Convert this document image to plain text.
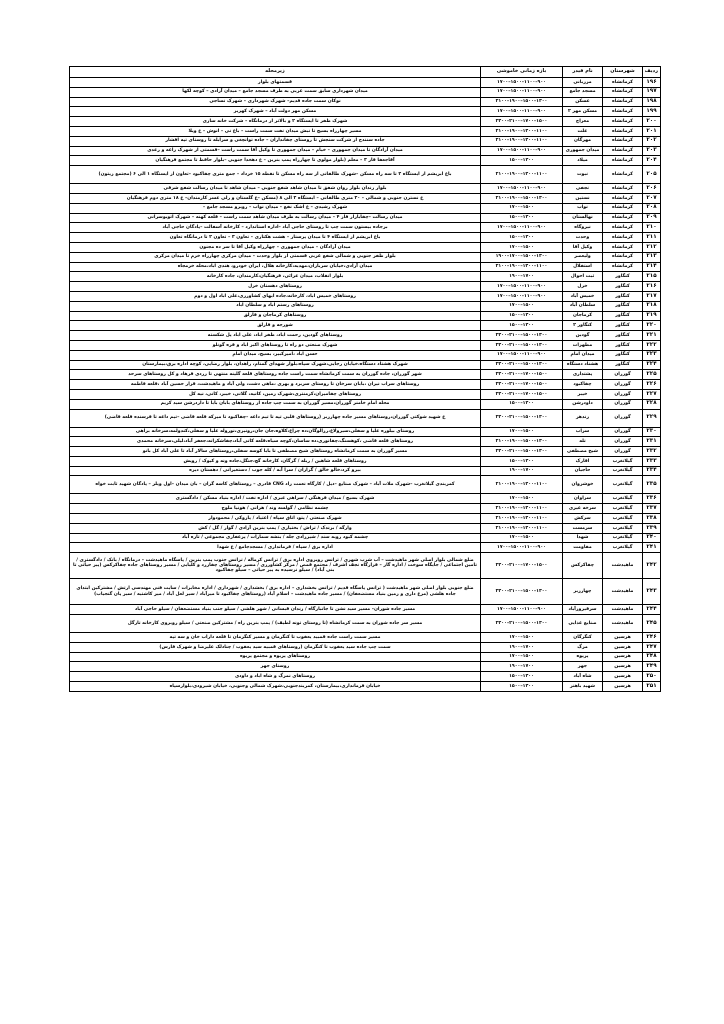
ردیف	شهرستان	نام فیدر	بازه زمانی خاموشی	زیرمحله
۱۹۶	کرمانشاه	مرزبانی	۱۷۰۰–۱۵۰۰–۱۱۰۰–۹۰۰	قسمتهای بلوار
۱۹۷	کرمانشاه	مسجد جامع	۱۷۰۰–۱۵۰۰–۱۱۰۰–۹۰۰	میدان شهرداری سابق سمت غربی به طرف مسجد جامع – میدان آزادی – کوچه لکها
۱۹۸	کرمانشاه	عسکن	۲۱۰۰–۱۹۰۰–۱۵۰۰–۱۳۰۰	نوکان سمت جاده قدیم– شهرک شهرداری – شهرک نساجی
۱۹۹	کرمانشاه	مسکن مهر ۲	۱۷۰۰–۱۵۰۰–۱۱۰۰–۹۰۰	مسکن مهر دولت آباد – شهرک کهریز
۲۰۰	کرمانشاه	معراج	۲۳۰۰–۲۱۰۰–۱۷۰۰–۱۵۰۰	شهرک ظفر تا ایستگاه ۲ و بالاتر از درمانگاه – شرکت خانه سازی
۲۰۱	کرمانشاه	علت	۲۱۰۰–۱۹۰۰–۱۳۰۰–۱۱۰۰	مسیر چهارراه بسیج تا نبش میدان نفت سمت راست – باغ نی – انوش – ع ویلا
۲۰۲	کرمانشاه	مهرگان	۲۱۰۰–۱۹۰۰–۱۳۰۰–۱۱۰۰	جاده سنندج از شرکت سنجش تا روستای چقانداران – جاده توانچغی و سرابله تا روستای تپه افشار
۲۰۳	کرمانشاه	میدان جمهوری	۱۷۰۰–۱۵۰۰–۱۱۰۰–۹۰۰	میدان آزادگان تا میدان جمهوری – خیام – میدان جمهوری تا وکیل آقا سمت راست –قسمتی از شهرک زاغه و رعدی
۲۰۴	کرمانشاه	میلاد	۱۵۰۰–۱۳۰۰	آقاجعفا فاز ۳ – معلم (بلوار مولوی تا چهارراه پمپ بنزین – ع دهخدا جنوبی –بلوار حافظ تا مجتمع فرهنگیان
۲۰۵	کرمانشاه	نبوت	۲۱۰۰–۱۹۰۰–۱۳۰۰–۱۱۰۰	باغ ابریشم از ایستگاه ۲ تا سه راه مسکن –شهرک طالقانی از سه راه مسکن تا نقطه ۱۵ خرداد – جمع متری چقاکبود –تعاون از ایستگاه ۱ الی ۶ (مجتمع زیتون)
۲۰۶	کرمانشاه	نجفی	۱۷۰۰–۱۵۰۰–۱۱۰۰–۹۰۰	بلوار زندان بلوار روان شفق تا میدان شاهد شفع جنوبی – میدان شاهد تا میدان رسالت شفع شرقی
۲۰۷	کرمانشاه	نستین	۲۱۰۰–۱۹۰۰–۱۵۰۰–۱۳۰۰	ع نسترن جنوبی و شمالی – ۲۰ متری طالقانی – ایستگاه ۲ الی ۸ (مسکن –ع گلستان و رلی عسر کارمندان– ع ۱۸ متری دوم فرهنگیان
۲۰۸	کرمانشاه	نواب	۱۷۰۰–۱۵۰۰	شهرک رشیدی – ع اشک نفع – میدان نواب – روبرو مسجد جامع –
۲۰۹	کرمانشاه	نهالستان	۱۵۰۰–۱۳۰۰	میدان رسالت –چقابازار فاز ۴ – میدان رسالت به طرف میدان شاهد سمت راست – قلعه کهنه – شهرک اتوبوسرانی
۲۱۰	کرمانشاه	نیروگاه	۱۷۰۰–۱۵۰۰–۱۱۰۰–۹۰۰	برجاده بیستون سمت چپ تا روستای حاجی آباد –اداره استاندارد – کارخانه آسفالت –پادگان حاجی آباد
۲۱۱	کرمانشاه	وحدت	۱۵۰۰–۱۳۰۰	باغ ابریشم از ایستگاه ۴ تا میدان پرستار – هشت هکتاری – تعاون ۳ – تعاون ۲ تا درمانگاه تعاون
۲۱۲	کرمانشاه	وکیل آقا	۱۷۰۰–۱۵۰۰	میدان آزادگان – میدان جمهوری – چهارراه وکیل آقا تا سر ده مجنون
۲۱۳	کرمانشاه	ولیعصر	۱۹۰۰–۱۷۰۰–۱۵۰۰–۱۳۰۰	بلوار ظفر جنوبی و شمالی شفع غربی قسمتی از بلوار وحدت – میدان مرکزی چهارراه خرم تا میدان مرکزی
۲۱۴	کرمانشاه	استقلال	۲۱۰۰–۱۹۰۰–۱۳۰۰–۱۱۰۰	میدان آزادی،خیابان سربازان،مهدیه،کارخانه هلال، ایران خودرو، هندی اباد،محله خرمجاه
۲۱۵	کنگاور	ثبت احوال	۱۹۰۰–۱۷۰۰	بلوار انقلاب، میدان عرائی، فرهنگیان،کارمندان، جاده کارخانه
۲۱۶	کنگاور	خزل	۱۷۰۰–۱۵۰۰–۱۱۰۰–۹۰۰	روستاهای دهستان خزل
۲۱۷	کنگاور	خمیس آباد	۱۷۰۰–۱۵۰۰–۱۱۰۰–۹۰۰	روستاهای خمیس اباد، کارخانه،جاده ابهای کشاورزی،علی اباد اول و دوم
۲۱۸	کنگاور	سلطان آباد	۱۷۰۰–۱۵۰۰	روستاهای رستم اباد و سلطان اباد
۲۱۹	کنگاور	کرماجان	۱۵۰۰–۱۳۰۰	روستاهای کرماجان و فارلق
۲۲۰	کنگاور	کنگاور ۲	۱۵۰۰–۱۳۰۰	شورجه و فارلق
۲۲۱	کنگاور	گودین	۲۳۰۰–۲۱۰۰–۱۵۰۰–۱۳۰۰	روستاهای گودین، رحمت اباد، ظفر اباد، علی اباد پل شکسته
۲۲۲	کنگاور	مطهرات	۲۳۰۰–۲۱۰۰–۱۵۰۰–۱۳۰۰	شهرک صنعتی دو راه تا روستاهای اکبر اباد و فره گونلو
۲۲۳	کنگاور	میدان امام	۱۷۰۰–۱۵۰۰–۱۱۰۰–۹۰۰	حسن اباد ،امیرکبیر، بسیج، میدان امام
۲۲۴	کنگاور	هشناد دستگاه	۲۳۰۰–۲۱۰۰–۱۵۰۰–۱۳۰۰	شهرک هشتاد دستگاه،خیابان رجایی،شهرک سپاه،بلوار شهدای گمنام، راهدان، بلوار رضایی، کوچه اداره برق،بیمارستان
۲۲۵	گوزران	پشتداری	۲۳۰۰–۲۱۰۰–۱۷۰۰–۱۵۰۰	شهر گوزران، جاده گوزران به سمت کرمانشاه سمت راست جاده روستاهای قلعه گلینه منتهی تا زردی فرهاد و کل روستاهای سرحد
۲۲۶	گوزران	چقاکبود	۲۳۰۰–۲۱۰۰–۱۷۰۰–۱۵۰۰	روستاهای سراب نیران ،بابان سرخان تا روستای سربرد و بهزی ،ماهی دشت، ولی آباد و ماهیدشت، قرار حسین آباد ،قلعه فاطمه
۲۲۷	گوزران	خیبر	۲۳۰۰–۲۱۰۰–۱۷۰۰–۱۵۰۰	روستاهای چقامیران،کرمنتری،شهرک زمین، کانیه، گلانی، خیبر، کانی، نیه کل
۲۲۸	گوزران	داودرشن	۱۵۰۰–۱۳۰۰	محله امام خامنر گوزران،مسیر گوزران به سمت چپ جاده از روستاهای بابان بابا تا داردرشن سید کریم
۲۲۹	گوزران	زندهر	۲۳۰۰–۲۱۰۰–۱۵۰۰–۱۳۰۰	ع شهید شوکتی گوزران،روستاهای مسیر جاده چهارزبر (روستاهای قلبی تپه تا تیم داغه –چقاکبود تا میرکه قلعه قاضی –تیم داغه تا فرسنده قلعه قاضی)
۲۳۰	گوزران	سراب	۱۷۰۰–۱۵۰۰	روستای بیلوره علیا و سفلی،سیرولاغ،رزالوگان،ده چراغ،کلاوه،جان جان،رونیزی،نوروله علیا و سفلی،کندولمه،سرخانه براهی
۲۳۱	گوزران	تله	۲۱۰۰–۱۹۰۰–۱۵۰۰–۱۳۰۰	روستاهای قلعه قاضی ،کوهسنگ،چقانوری،ده ساسان،کوچه سیاه،قلعه کانی آباد،چقاشکرانه،جعفر آباد،لیلی،سرخانه محمدی
۲۳۲	گوزران	شیخ مصطفی	۲۳۰۰–۲۱۰۰–۱۵۰۰–۱۳۰۰	مسیر گوزران به سمت کرمانشاه روستاهای شیخ مصطفی تا بابا کوسه سفلی،روستاهای سالار آباد تا علی آباد کل بانو
۲۳۳	گیلانغرب	اقارک	۱۵۰۰–۱۳۰۰	روستاهای قلعه شاهین / ربله / گرگان، کارخانه گچ،جنگل،جاده ونه و کیوک / رویش
۲۳۴	گیلانغرب	حاجیان	۱۹۰۰–۱۷۰۰	بیرو کرد،خالو خالق / گرازان / سرا آبه / کله جوب / دستغیرانی / دهستان دیره
۲۳۵	گیلانغرب	خوشروان	۲۱۰۰–۱۹۰۰–۱۳۰۰–۱۱۰۰	کمربندی گیلانغرب –شهرک ملات آباد – شهرک صنایع –دیل / کارگاه نعمت زاد CNG قادری – روستاهای کاسه گران – بان میدان –اول ویلر – پادگان شهید ثابت خواه
۲۳۶	گیلانغرب	سراوان	۱۷۰۰–۱۵۰۰	شهرک بسیج / میدان فرهنگی / سراهی عبری / اداره نفت / اداره بنیاد مسکن / دادگستری
۲۳۷	گیلانغرب	سرخه عیری	۲۱۰۰–۱۹۰۰–۱۳۰۰–۱۱۰۰	چشمه نظامی / گولسه وند / هرانی / هونیا ملوچ
۲۳۸	گیلانغرب	سرکش	۲۱۰۰–۱۹۰۰–۱۳۰۰–۱۱۰۰	شهرک صنعتی / پتو، اتاق سپاه / اعتیاد / پازوکی / محمودوار
۲۳۹	گیلانغرب	سرمست	۲۱۰۰–۱۹۰۰–۱۳۰۰–۱۱۰۰	وارگه / برندک / تراش / بختیاری / پمپ بنزین آزادی / گوار / گل / کش
۲۴۰	گیلانغرب	شهدا	۱۷۰۰–۱۵۰۰	چشمه کبود روبه سند / شیرزادی جله / بنشه سمارات / پرعفاری مجموعی / تازه آباد
۲۴۱	گیلانغرب	مقاومت	۱۷۰۰–۱۵۰۰–۱۱۰۰–۹۰۰	اداره برق / سپاه / فرمانداری / مسجدجامع / ع شهدا
۲۴۲	ماهیدشت	چقاکرکس	۲۳۰۰–۲۱۰۰–۱۷۰۰–۱۵۰۰	ضلع شمالی بلوار اصلی شهر ماهیدشت – آب شرب شهری / ترانس روبروی اداره برق / ترانس کرماله / ترانس جنوب پمپ بنزین / پاسگاه ماهیدشت – درمانگاه / بانک / دادگستری / تامین اجتماعی / جایگاه سوخت / اداره گاز – فرارگاه نجف اشرف / مجتمع قمص / مرکز کشاورزی / مسیر روستاهای چقازرد و کلیایی / مسیر روستاهای جاده چقاکرکس (پیر حیاتی تا بنی آباد) / سیلو نرسیده به پیر حیاتی – سیلو چقاکبود
۲۴۳	ماهیدشت	چهارزبر	۲۳۰۰–۲۱۰۰–۱۵۰۰–۱۳۰۰	ضلع جنوبی بلوار اصلی شهر ماهیدشت ( ترانس پاسگاه قدیم / ترانس بخشداری – اداره برق / بخشداری / شهرداری / اداره مخابرات / سایت فنی مهندسی ارتش / مشترکین ابتدای جاده هلشی (مرغ داری و زمین بنیاد مستضعفان) / مسیر جاده ماهیدشت – اسلام آباد (روستاهای چقاکبود تا میرآباد / سیر لعل آباد / میر کاشتیه / سیر پان گنجیاب)
۲۴۴	ماهیدشت	سرفیروزآباد	۱۷۰۰–۱۵۰۰–۱۱۰۰–۹۰۰	مسیر جاده شوران– مسیر سید نشن تا جانبازگاه / زندان قبسانی / شهر هلشی / سیلو جنب بنیاد مستضعفان / سیلو حاجی آباد
۲۴۵	ماهیدشت	صنایع غذایی	۲۳۰۰–۲۱۰۰–۱۵۰۰–۱۳۰۰	مسیر سر جاده شوران به سمت کرمانشاه (تا روستای تونه لطیف) / پمپ بنزین راه / مشترکین صنعتی / سیلو روبروی کارخانه تازگل
۲۴۶	هرسین	کنگرگان	۱۷۰۰–۱۵۰۰	مسیر سمت راست جاده قمبید یعقوب تا کنگرمان و مسیر کنگرمان تا قلعه داراب خان و سه تپه
۲۴۷	هرسین	مرگ	۱۹۰۰–۱۷۰۰	سمت چپ جاده سید یعقوب تا کنگرمان (روستاهای قمبیه سید یعقوب / چنادلک علیرضا و شهرک فارس)
۲۴۸	هرسین	پریوه	۱۷۰۰–۱۵۰۰	روستاهای پریوه و مجتمع پریوه
۲۴۹	هرسین	جهر	۱۹۰۰–۱۷۰۰	روستای جهر
۲۵۰	هرسین	شاه آباد	۱۵۰۰–۱۳۰۰	روستاهای نمرگ و شاه اباد و داودی
۲۵۱	هرسین	شهید باهنر	۱۵۰۰–۱۳۰۰	خیابان فرمانداری،بیمارستان، کمربندجنوبی،شهرک شمالی وجنوبی، خیابان شیرودی،بلوارسپاه
